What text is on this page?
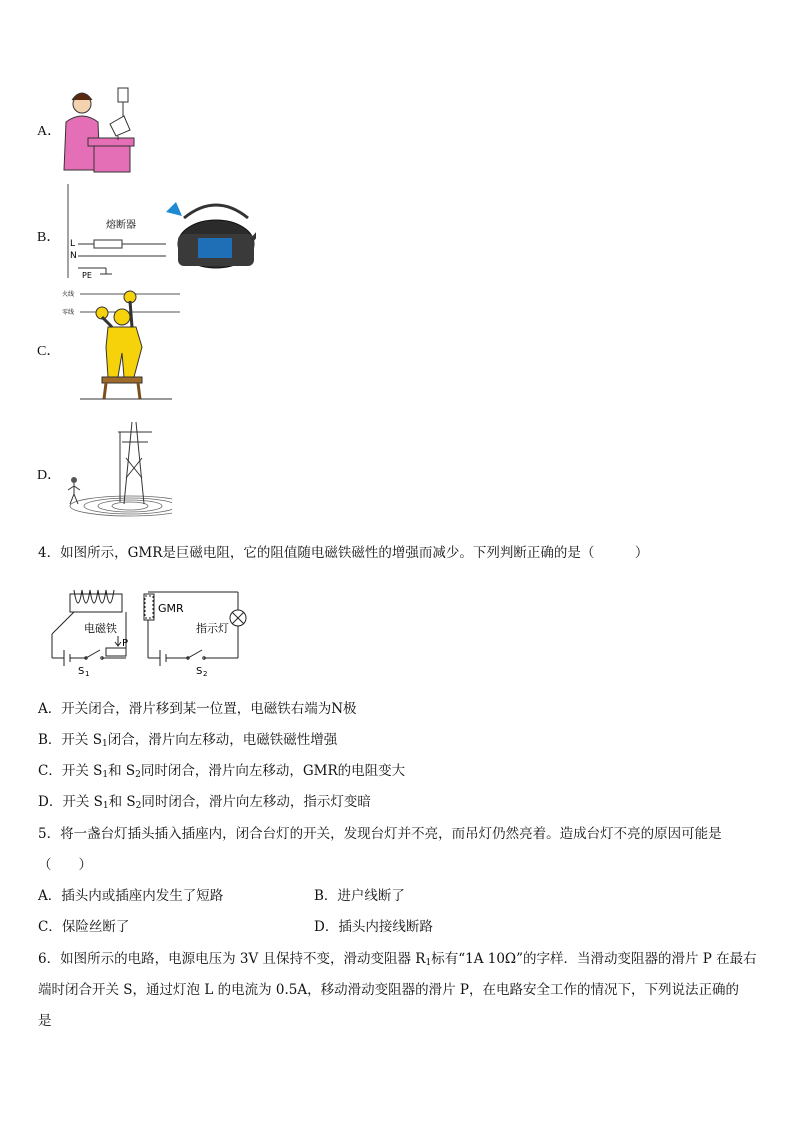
A．
B．
熔断器
L
N
PE
C．
火线
零线
D．
4．如图所示，GMR是巨磁电阻，它的阻值随电磁铁磁性的增强而减少。下列判断正确的是（　　　）
GMR
电磁铁	指示灯
P
S 1	S 2
A．开关闭合，滑片移到某一位置，电磁铁右端为N极
B．开关 $S_1$闭合，滑片向左移动，电磁铁磁性增强
C．开关 $S_1$和 $S_2$同时闭合，滑片向左移动，GMR的电阻变大
D．开关 $S_1$和 $S_2$同时闭合，滑片向左移动，指示灯变暗
5．将一盏台灯插头插入插座内，闭合台灯的开关，发现台灯并不亮，而吊灯仍然亮着。造成台灯不亮的原因可能是
（　　）
A．插头内或插座内发生了短路	B．进户线断了
C．保险丝断了	D．插头内接线断路
6．如图所示的电路，电源电压为 3V 且保持不变，滑动变阻器 $R_1$标有“1A 10Ω”的字样．当滑动变阻器的滑片 P 在最右
端时闭合开关 S，通过灯泡 L 的电流为 0.5A，移动滑动变阻器的滑片 P，在电路安全工作的情况下，下列说法正确的
是
